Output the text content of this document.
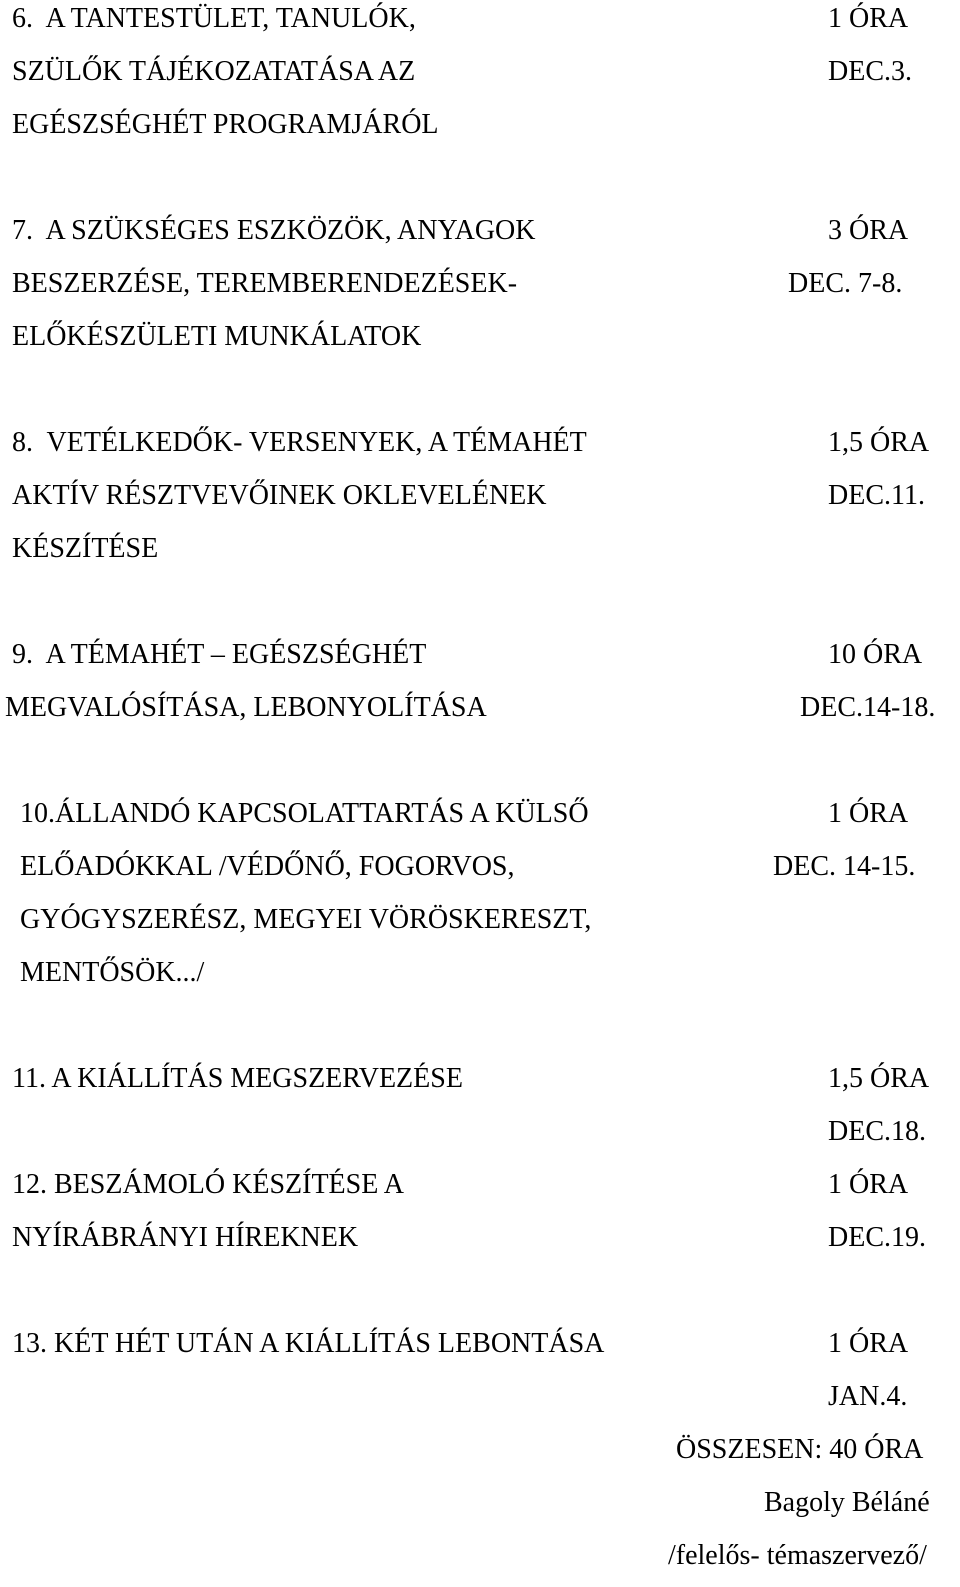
6.  A TANTESTÜLET, TANULÓK,
SZÜLŐK TÁJÉKOZATATÁSA AZ
EGÉSZSÉGHÉT PROGRAMJÁRÓL
1 ÓRA
DEC.3.
7.  A SZÜKSÉGES ESZKÖZÖK, ANYAGOK
BESZERZÉSE, TEREMBERENDEZÉSEK-
ELŐKÉSZÜLETI MUNKÁLATOK
3 ÓRA
DEC. 7-8.
8.  VETÉLKEDŐK- VERSENYEK, A TÉMAHÉT
AKTÍV RÉSZTVEVŐINEK OKLEVELÉNEK
KÉSZÍTÉSE
1,5 ÓRA
DEC.11.
9.  A TÉMAHÉT – EGÉSZSÉGHÉT
MEGVALÓSÍTÁSA, LEBONYOLÍTÁSA
10 ÓRA
DEC.14-18.
10.ÁLLANDÓ KAPCSOLATTARTÁS A KÜLSŐ
ELŐADÓKKAL /VÉDŐNŐ, FOGORVOS,
GYÓGYSZERÉSZ, MEGYEI VÖRÖSKERESZT,
MENTŐSÖK.../
1 ÓRA
DEC. 14-15.
11. A KIÁLLÍTÁS MEGSZERVEZÉSE	1,5 ÓRA
DEC.18.
12. BESZÁMOLÓ KÉSZÍTÉSE A
NYÍRÁBRÁNYI HÍREKNEK
1 ÓRA
DEC.19.
13. KÉT HÉT UTÁN A KIÁLLÍTÁS LEBONTÁSA	1 ÓRA
JAN.4.
ÖSSZESEN: 40 ÓRA
Bagoly Béláné
/felelős- témaszervező/
